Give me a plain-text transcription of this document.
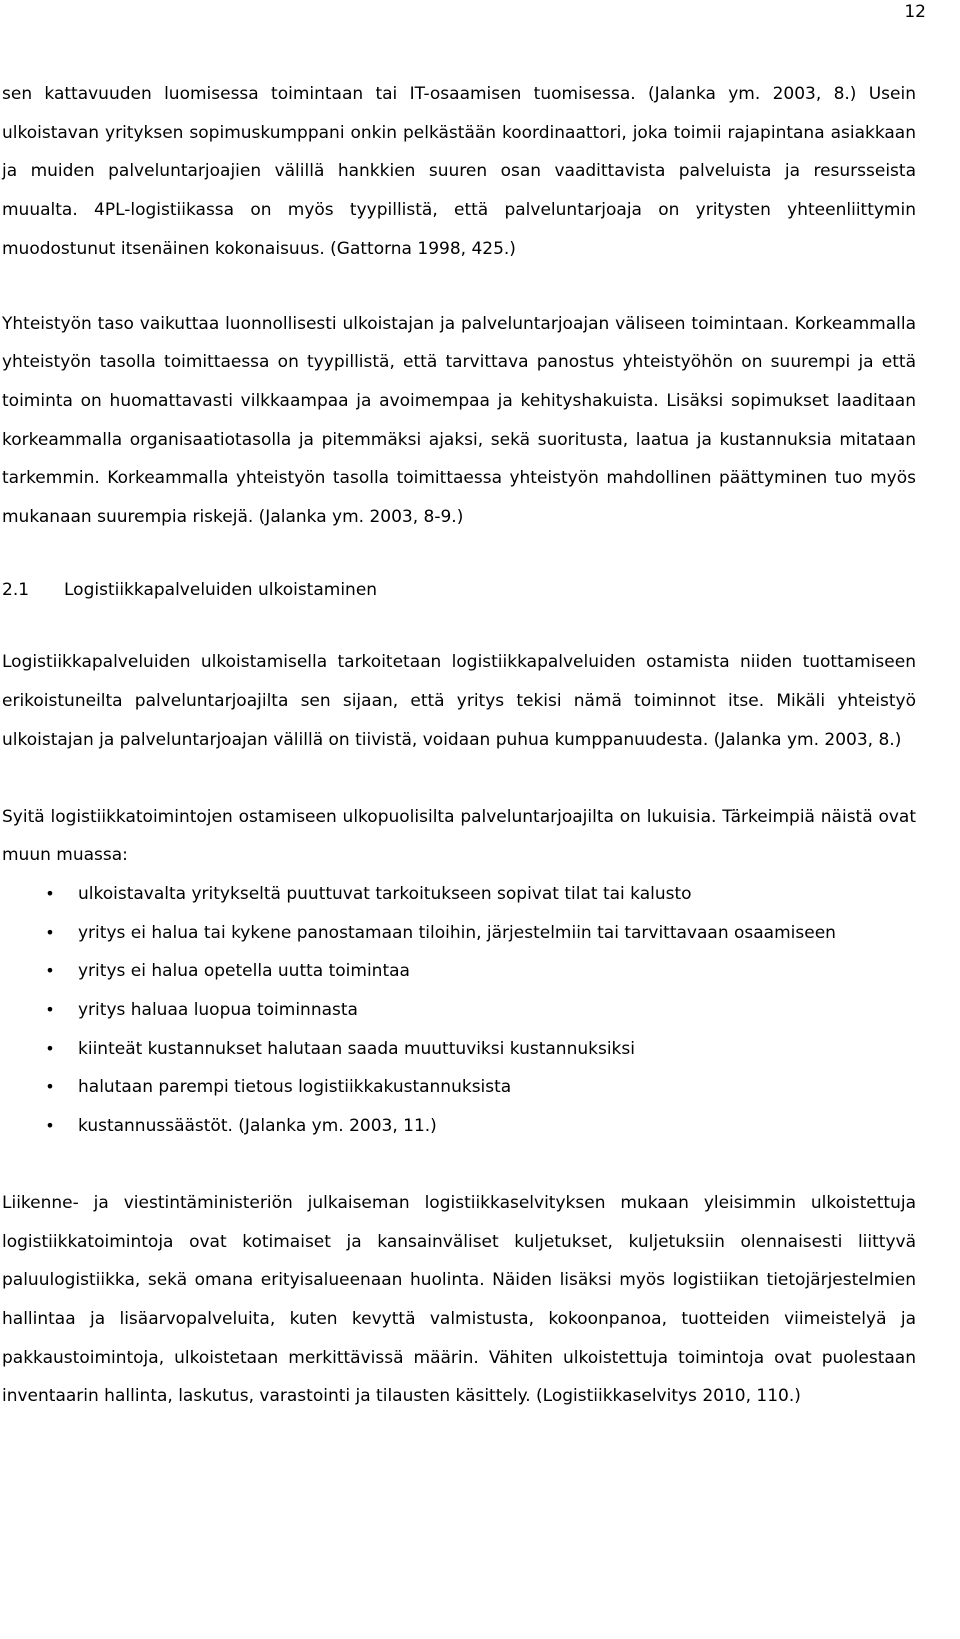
12

sen kattavuuden luomisessa toimintaan tai IT-osaamisen tuomisessa. (Jalanka ym. 2003, 8.) Usein ulkoistavan yrityksen sopimuskumppani onkin pelkästään koordinaattori, joka toimii rajapintana asiakkaan ja muiden palveluntarjoajien välillä hankkien suuren osan vaadittavista palveluista ja resursseista muualta. 4PL-logistiikassa on myös tyypillistä, että palveluntarjoaja on yritysten yhteenliittymin muodostunut itsenäinen kokonaisuus. (Gattorna 1998, 425.)

Yhteistyön taso vaikuttaa luonnollisesti ulkoistajan ja palveluntarjoajan väliseen toimintaan. Korkeammalla yhteistyön tasolla toimittaessa on tyypillistä, että tarvittava panostus yhteistyöhön on suurempi ja että toiminta on huomattavasti vilkkaampaa ja avoimempaa ja kehityshakuista. Lisäksi sopimukset laaditaan korkeammalla organisaatiotasolla ja pitemmäksi ajaksi, sekä suoritusta, laatua ja kustannuksia mitataan tarkemmin. Korkeammalla yhteistyön tasolla toimittaessa yhteistyön mahdollinen päättyminen tuo myös mukanaan suurempia riskejä. (Jalanka ym. 2003, 8-9.)

2.1 Logistiikkapalveluiden ulkoistaminen

Logistiikkapalveluiden ulkoistamisella tarkoitetaan logistiikkapalveluiden ostamista niiden tuottamiseen erikoistuneilta palveluntarjoajilta sen sijaan, että yritys tekisi nämä toiminnot itse. Mikäli yhteistyö ulkoistajan ja palveluntarjoajan välillä on tiivistä, voidaan puhua kumppanuudesta. (Jalanka ym. 2003, 8.)

Syitä logistiikkatoimintojen ostamiseen ulkopuolisilta palveluntarjoajilta on lukuisia. Tärkeimpiä näistä ovat muun muassa:

• ulkoistavalta yritykseltä puuttuvat tarkoitukseen sopivat tilat tai kalusto
• yritys ei halua tai kykene panostamaan tiloihin, järjestelmiin tai tarvittavaan osaamiseen
• yritys ei halua opetella uutta toimintaa
• yritys haluaa luopua toiminnasta
• kiinteät kustannukset halutaan saada muuttuviksi kustannuksiksi
• halutaan parempi tietous logistiikkakustannuksista
• kustannussäästöt. (Jalanka ym. 2003, 11.)

Liikenne- ja viestintäministeriön julkaiseman logistiikkaselvityksen mukaan yleisimmin ulkoistettuja logistiikkatoimintoja ovat kotimaiset ja kansainväliset kuljetukset, kuljetuksiin olennaisesti liittyvä paluulogistiikka, sekä omana erityisalueenaan huolinta. Näiden lisäksi myös logistiikan tietojärjestelmien hallintaa ja lisäarvopalveluita, kuten kevyttä valmistusta, kokoonpanoa, tuotteiden viimeistelyä ja pakkaustoimintoja, ulkoistetaan merkittävissä määrin. Vähiten ulkoistettuja toimintoja ovat puolestaan inventaarin hallinta, laskutus, varastointi ja tilausten käsittely. (Logistiikkaselvitys 2010, 110.)
